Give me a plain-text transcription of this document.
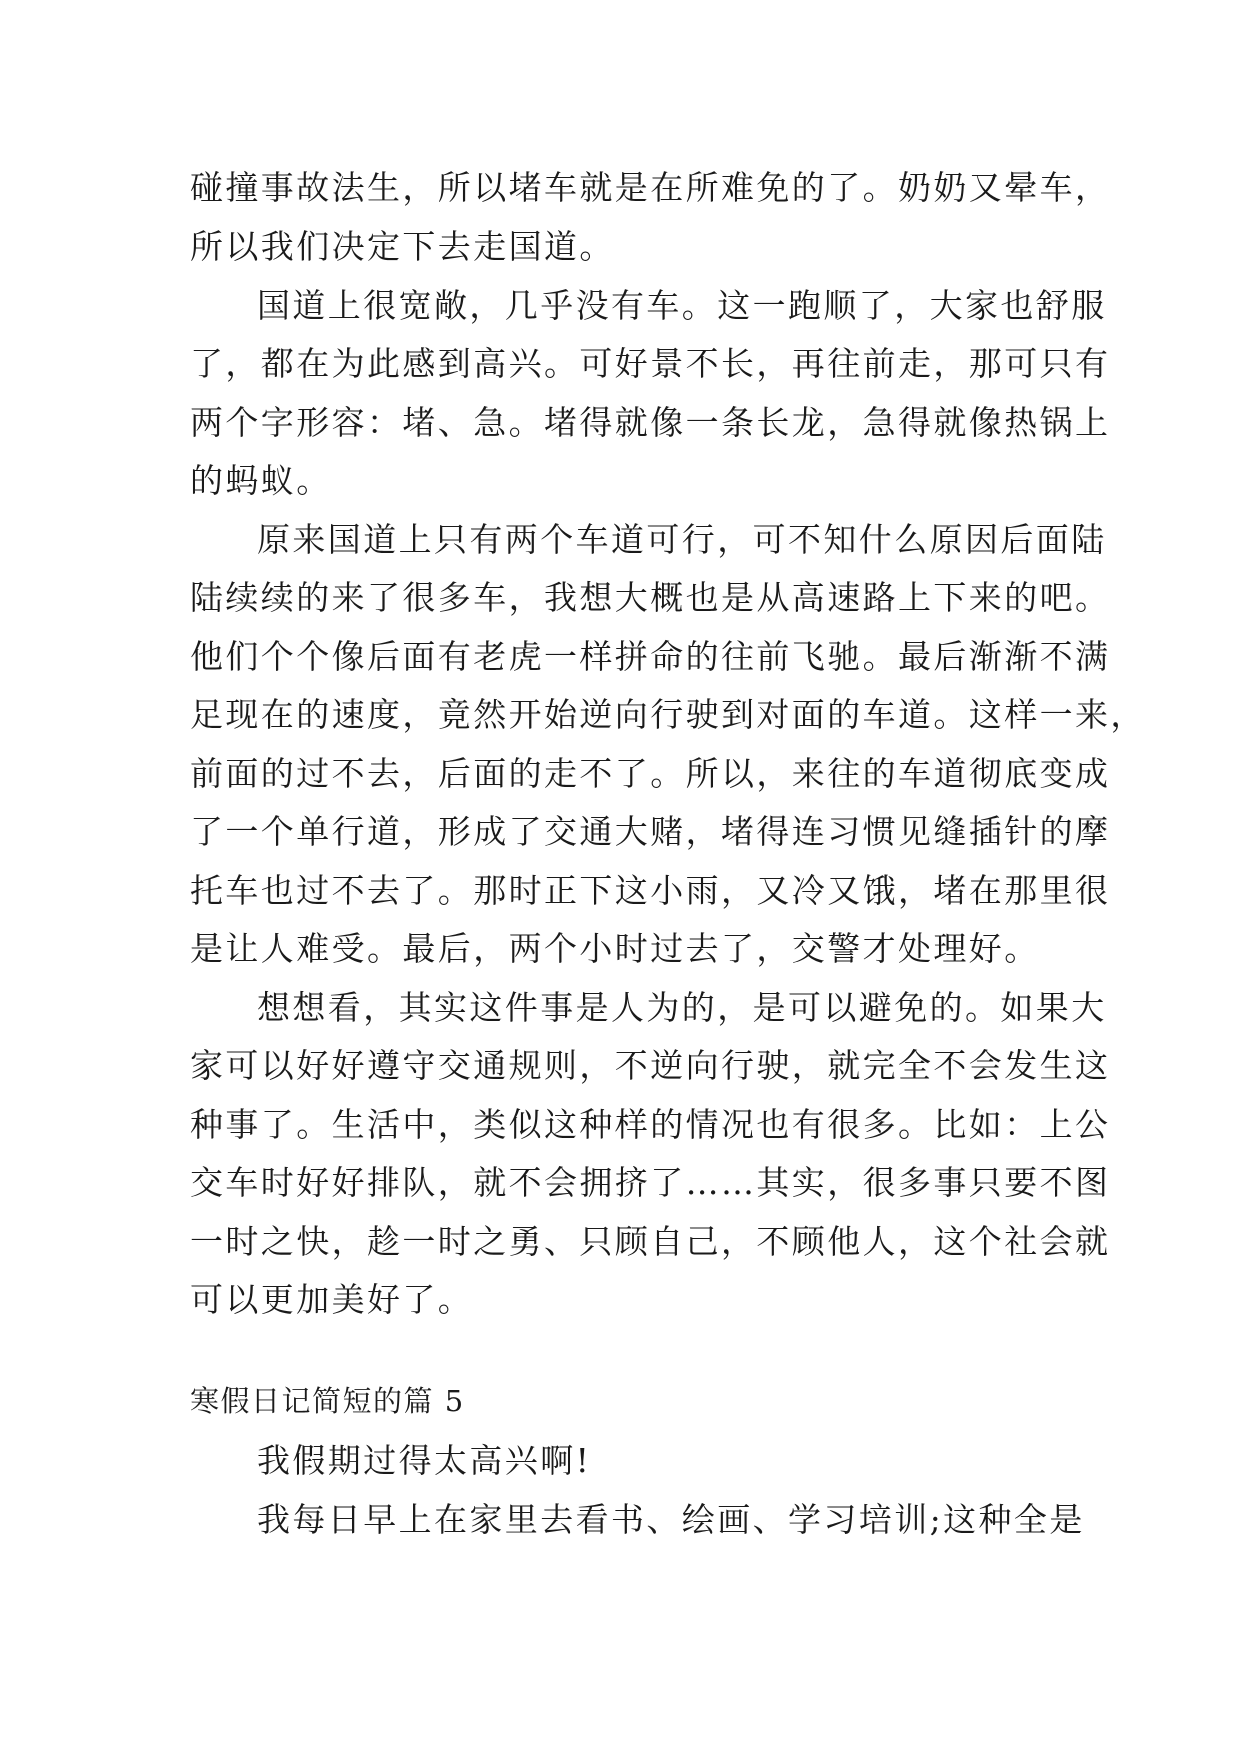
碰撞事故法生，所以堵车就是在所难免的了。奶奶又晕车，
所以我们决定下去走国道。
国道上很宽敞，几乎没有车。这一跑顺了，大家也舒服
了，都在为此感到高兴。可好景不长，再往前走，那可只有
两个字形容：堵、急。堵得就像一条长龙，急得就像热锅上
的蚂蚁。
原来国道上只有两个车道可行，可不知什么原因后面陆
陆续续的来了很多车，我想大概也是从高速路上下来的吧。
他们个个像后面有老虎一样拼命的往前飞驰。最后渐渐不满
足现在的速度，竟然开始逆向行驶到对面的车道。这样一来，
前面的过不去，后面的走不了。所以，来往的车道彻底变成
了一个单行道，形成了交通大赌，堵得连习惯见缝插针的摩
托车也过不去了。那时正下这小雨，又冷又饿，堵在那里很
是让人难受。最后，两个小时过去了，交警才处理好。
想想看，其实这件事是人为的，是可以避免的。如果大
家可以好好遵守交通规则，不逆向行驶，就完全不会发生这
种事了。生活中，类似这种样的情况也有很多。比如：上公
交车时好好排队，就不会拥挤了……其实，很多事只要不图
一时之快，趁一时之勇、只顾自己，不顾他人，这个社会就
可以更加美好了。
寒假日记简短的篇 5
我假期过得太高兴啊!
我每日早上在家里去看书、绘画、学习培训;这种全是
